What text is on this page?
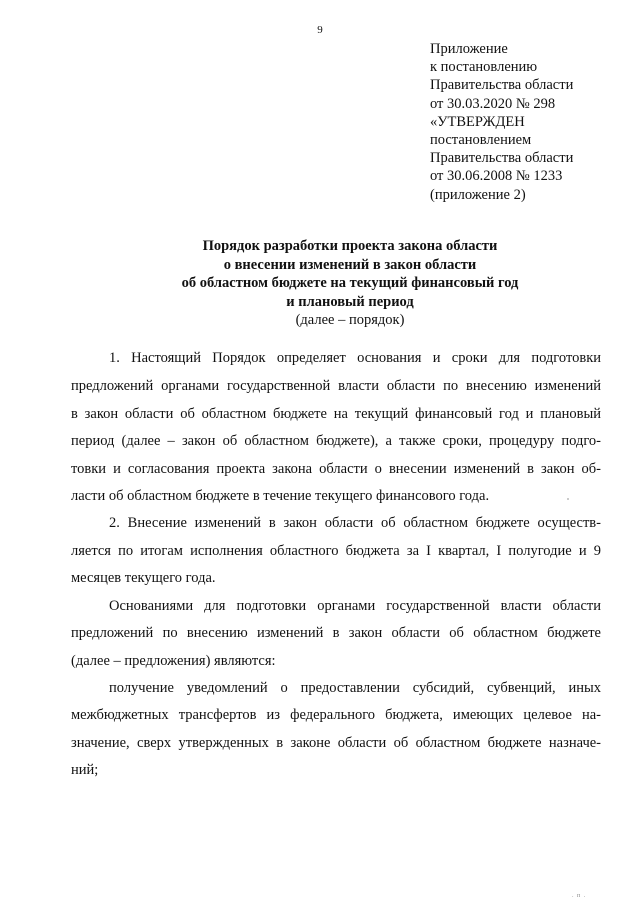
9
Приложение
к постановлению
Правительства области
от 30.03.2020 № 298
«УТВЕРЖДЕН
постановлением
Правительства области
от 30.06.2008 № 1233
(приложение 2)
Порядок разработки проекта закона области
о внесении изменений в закон области
об областном бюджете на текущий финансовый год
и плановый период
(далее – порядок)
1. Настоящий Порядок определяет основания и сроки для подготовки
предложений органами государственной власти области по внесению изменений
в закон области об областном бюджете на текущий финансовый год и плановый
период (далее – закон об областном бюджете), а также сроки, процедуру подго-
товки и согласования проекта закона области о внесении изменений в закон об-
ласти об областном бюджете в течение текущего финансового года.
2. Внесение изменений в закон области об областном бюджете осуществ-
ляется по итогам исполнения областного бюджета за I квартал, I полугодие и 9
месяцев текущего года.
Основаниями для подготовки органами государственной власти области
предложений по внесению изменений в закон области об областном бюджете
(далее – предложения) являются:
получение уведомлений о предоставлении субсидий, субвенций, иных
межбюджетных трансфертов из федерального бюджета, имеющих целевое на-
значение, сверх утвержденных в законе области об областном бюджете назначе-
ний;
. п .
